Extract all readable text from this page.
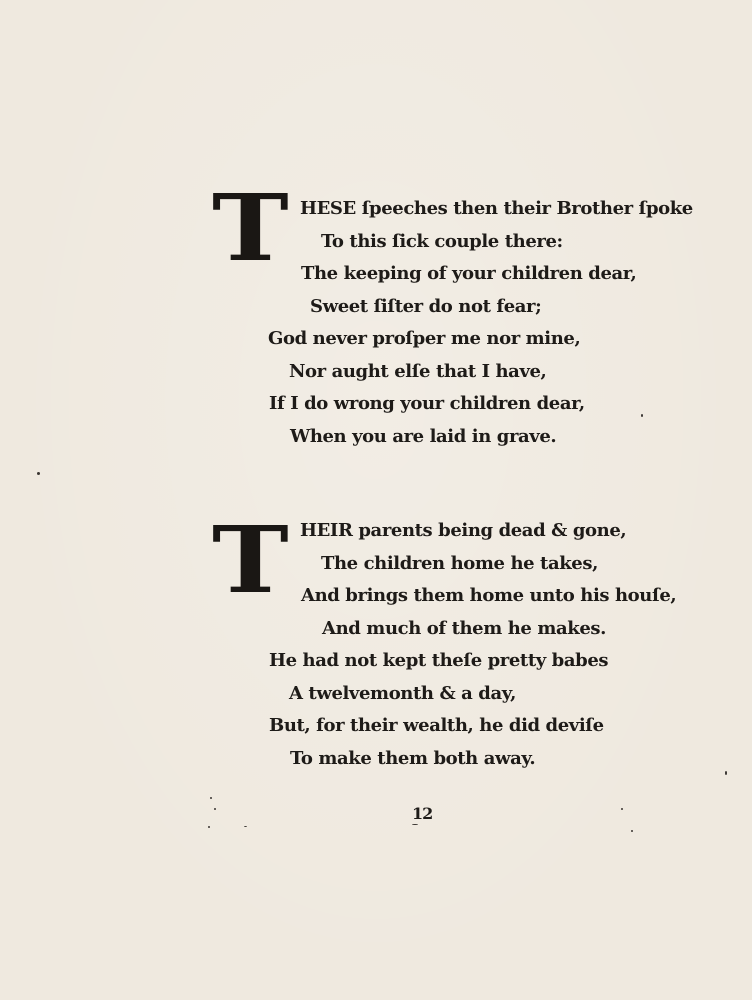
T HESE ſpeeches then their Brother ſpoke
To this ſick couple there:
The keeping of your children dear,
Sweet ſiſter do not fear;
God never proſper me nor mine,
Nor aught elſe that I have,
If I do wrong your children dear,
When you are laid in grave.
T HEIR parents being dead & gone,
The children home he takes,
And brings them home unto his houſe,
And much of them he makes.
He had not kept theſe pretty babes
A twelvemonth & a day,
But, for their wealth, he did deviſe
To make them both away.
12
